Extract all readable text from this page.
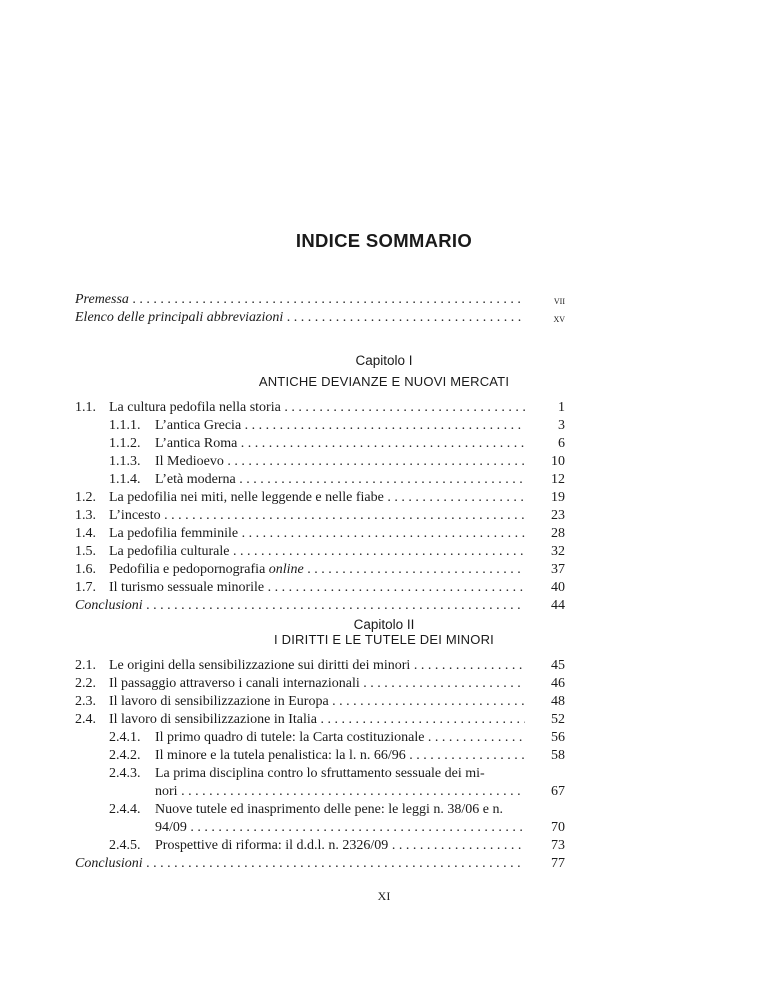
INDICE SOMMARIO
Premessa . . .	vii
Elenco delle principali abbreviazioni . . .	xv
Capitolo I
ANTICHE DEVIANZE E NUOVI MERCATI
1.1. La cultura pedofila nella storia . . .	1
1.1.1. L’antica Grecia . . .	3
1.1.2. L’antica Roma . . .	6
1.1.3. Il Medioevo . . .	10
1.1.4. L’età moderna . . .	12
1.2. La pedofilia nei miti, nelle leggende e nelle fiabe . . .	19
1.3. L’incesto . . .	23
1.4. La pedofilia femminile . . .	28
1.5. La pedofilia culturale . . .	32
1.6. Pedofilia e pedopornografia online . . .	37
1.7. Il turismo sessuale minorile . . .	40
Conclusioni . . .	44
Capitolo II
I DIRITTI E LE TUTELE DEI MINORI
2.1. Le origini della sensibilizzazione sui diritti dei minori . . .	45
2.2. Il passaggio attraverso i canali internazionali . . .	46
2.3. Il lavoro di sensibilizzazione in Europa . . .	48
2.4. Il lavoro di sensibilizzazione in Italia . . .	52
2.4.1. Il primo quadro di tutele: la Carta costituzionale . . .	56
2.4.2. Il minore e la tutela penalistica: la l. n. 66/96 . . .	58
2.4.3. La prima disciplina contro lo sfruttamento sessuale dei mi-
nori . . .	67
2.4.4. Nuove tutele ed inasprimento delle pene: le leggi n. 38/06 e n.
94/09 . . .	70
2.4.5. Prospettive di riforma: il d.d.l. n. 2326/09 . . .	73
Conclusioni . . .	77
XI
